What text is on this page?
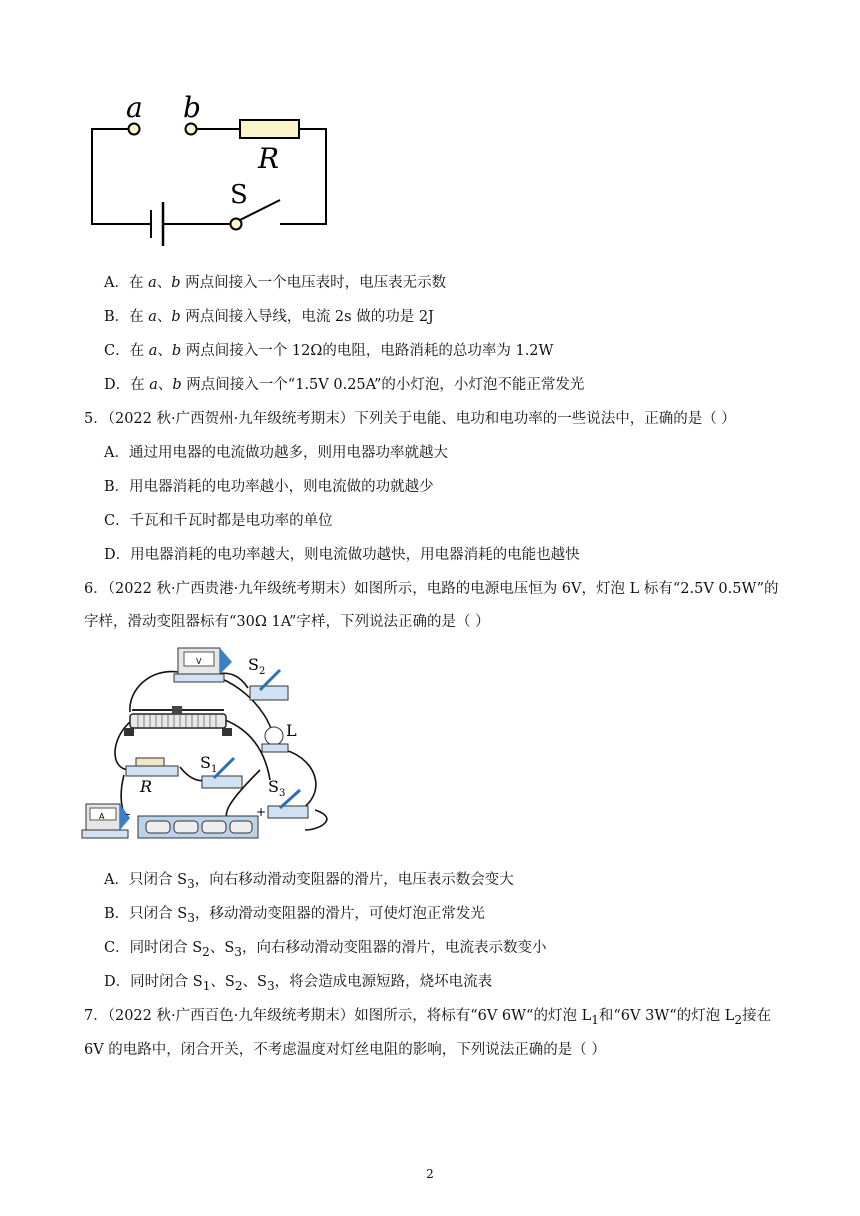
a b
R
S
A．在 a、b 两点间接入一个电压表时，电压表无示数
B．在 a、b 两点间接入导线，电流 2s 做的功是 2J
C．在 a、b 两点间接入一个 12Ω的电阻，电路消耗的总功率为 1.2W
D．在 a、b 两点间接入一个“1.5V 0.25A”的小灯泡，小灯泡不能正常发光
5．（2022 秋·广西贺州·九年级统考期末）下列关于电能、电功和电功率的一些说法中，正确的是（ ）
A．通过用电器的电流做功越多，则用电器功率就越大
B．用电器消耗的电功率越小，则电流做的功就越少
C．千瓦和千瓦时都是电功率的单位
D．用电器消耗的电功率越大，则电流做功越快，用电器消耗的电能也越快
6．（2022 秋·广西贵港·九年级统考期末）如图所示，电路的电源电压恒为 6V，灯泡 L 标有“2.5V 0.5W”的
字样，滑动变阻器标有“30Ω 1A”字样，下列说法正确的是（ ）
V	$S_2$
L
R
$S_1$
$S_3$
A -	+
A．只闭合 $S_3$，向右移动滑动变阻器的滑片，电压表示数会变大
B．只闭合 $S_3$，移动滑动变阻器的滑片，可使灯泡正常发光
C．同时闭合 $S_2$、$S_3$，向右移动滑动变阻器的滑片，电流表示数变小
D．同时闭合 $S_1$、$S_2$、$S_3$，将会造成电源短路，烧坏电流表
7．（2022 秋·广西百色·九年级统考期末）如图所示，将标有“6V 6W“的灯泡 $L_1$和“6V 3W“的灯泡 $L_2$接在
6V 的电路中，闭合开关，不考虑温度对灯丝电阻的影响，下列说法正确的是（ ）
2
